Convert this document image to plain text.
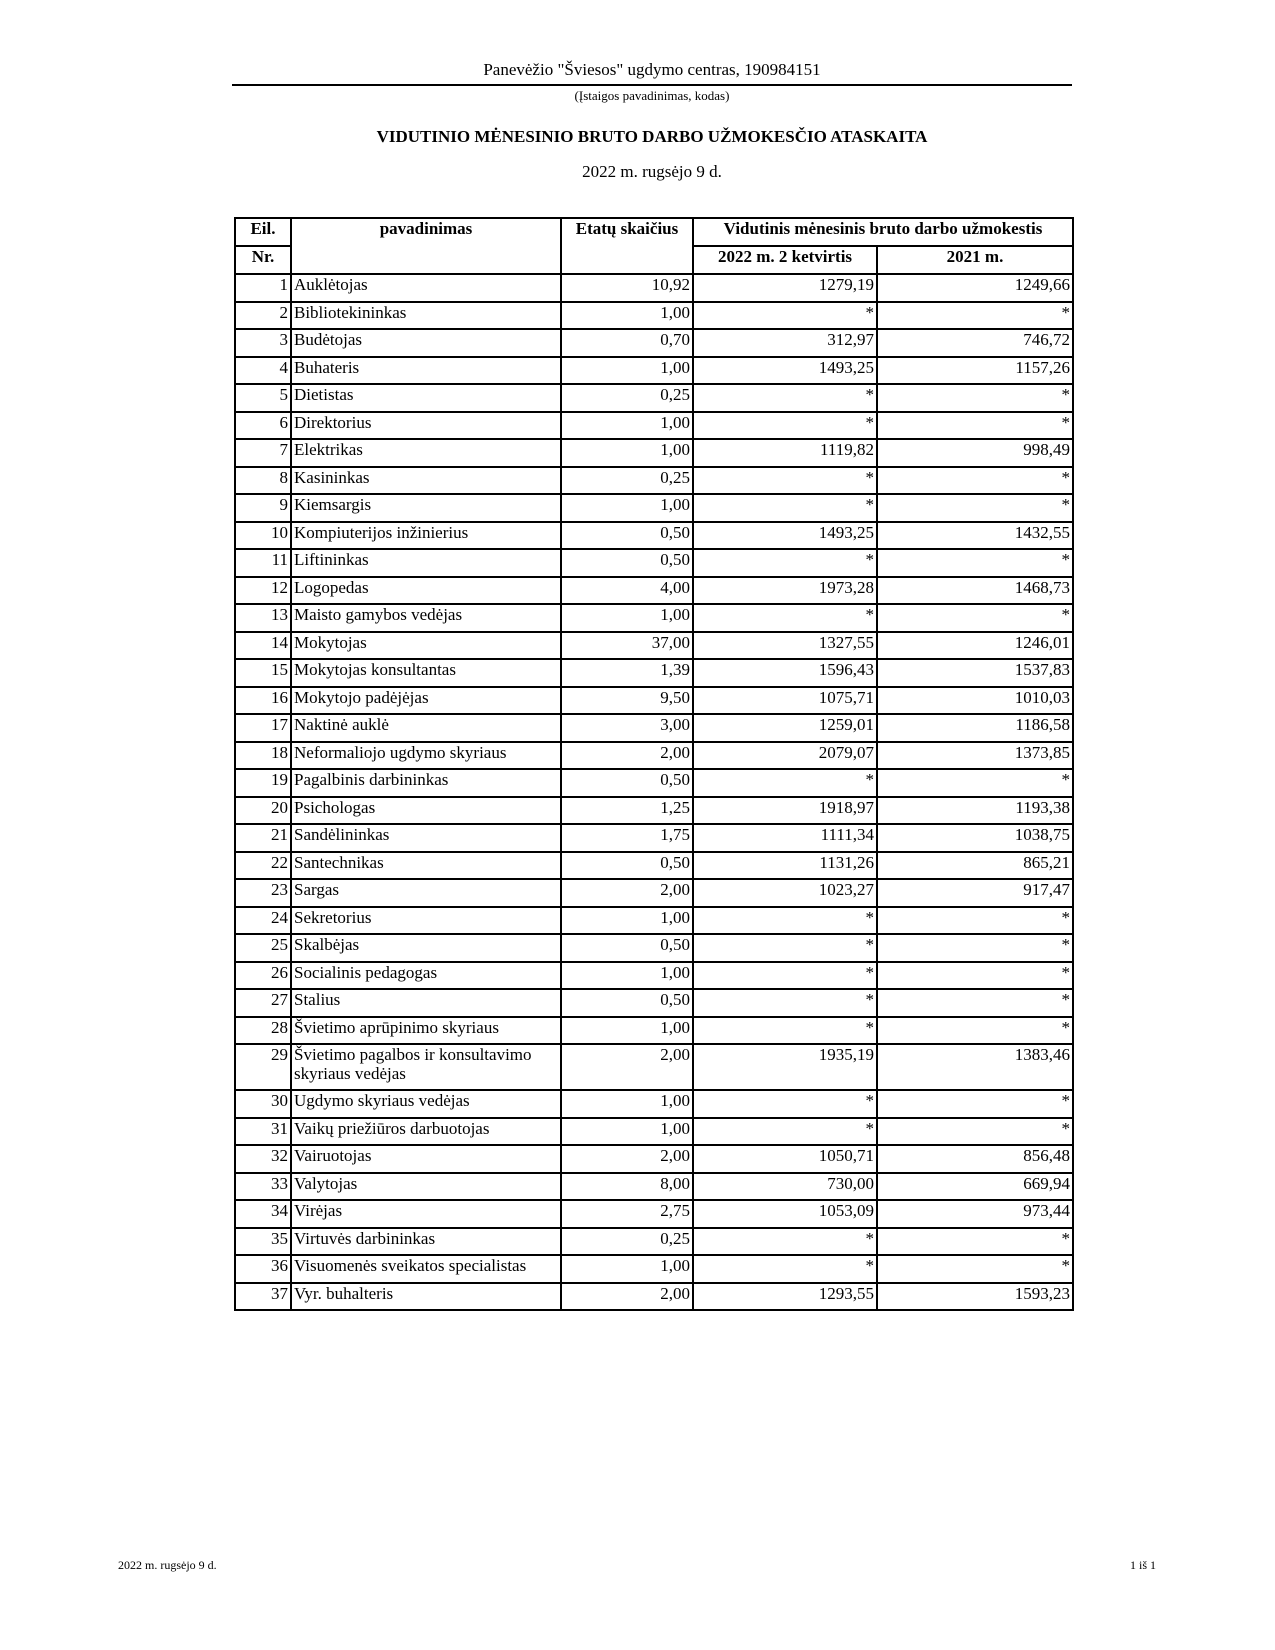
Panevėžio "Šviesos" ugdymo centras, 190984151
(Įstaigos pavadinimas, kodas)
VIDUTINIO MĖNESINIO BRUTO DARBO UŽMOKESČIO ATASKAITA
2022 m. rugsėjo 9 d.
Eil.	pavadinimas	Etatų skaičius	Vidutinis mėnesinis bruto darbo užmokestis	
Nr.			2022 m. 2 ketvirtis	2021 m.
1	Auklėtojas	10,92	1279,19	1249,66
2	Bibliotekininkas	1,00	*	*
3	Budėtojas	0,70	312,97	746,72
4	Buhateris	1,00	1493,25	1157,26
5	Dietistas	0,25	*	*
6	Direktorius	1,00	*	*
7	Elektrikas	1,00	1119,82	998,49
8	Kasininkas	0,25	*	*
9	Kiemsargis	1,00	*	*
10	Kompiuterijos inžinierius	0,50	1493,25	1432,55
11	Liftininkas	0,50	*	*
12	Logopedas	4,00	1973,28	1468,73
13	Maisto gamybos vedėjas	1,00	*	*
14	Mokytojas	37,00	1327,55	1246,01
15	Mokytojas konsultantas	1,39	1596,43	1537,83
16	Mokytojo padėjėjas	9,50	1075,71	1010,03
17	Naktinė auklė	3,00	1259,01	1186,58
18	Neformaliojo ugdymo skyriaus	2,00	2079,07	1373,85
19	Pagalbinis darbininkas	0,50	*	*
20	Psichologas	1,25	1918,97	1193,38
21	Sandėlininkas	1,75	1111,34	1038,75
22	Santechnikas	0,50	1131,26	865,21
23	Sargas	2,00	1023,27	917,47
24	Sekretorius	1,00	*	*
25	Skalbėjas	0,50	*	*
26	Socialinis pedagogas	1,00	*	*
27	Stalius	0,50	*	*
28	Švietimo aprūpinimo skyriaus	1,00	*	*
29	Švietimo pagalbos ir konsultavimo skyriaus vedėjas	2,00	1935,19	1383,46
30	Ugdymo skyriaus vedėjas	1,00	*	*
31	Vaikų priežiūros darbuotojas	1,00	*	*
32	Vairuotojas	2,00	1050,71	856,48
33	Valytojas	8,00	730,00	669,94
34	Virėjas	2,75	1053,09	973,44
35	Virtuvės darbininkas	0,25	*	*
36	Visuomenės sveikatos specialistas	1,00	*	*
37	Vyr. buhalteris	2,00	1293,55	1593,23
2022 m. rugsėjo 9 d.	1 iš 1
